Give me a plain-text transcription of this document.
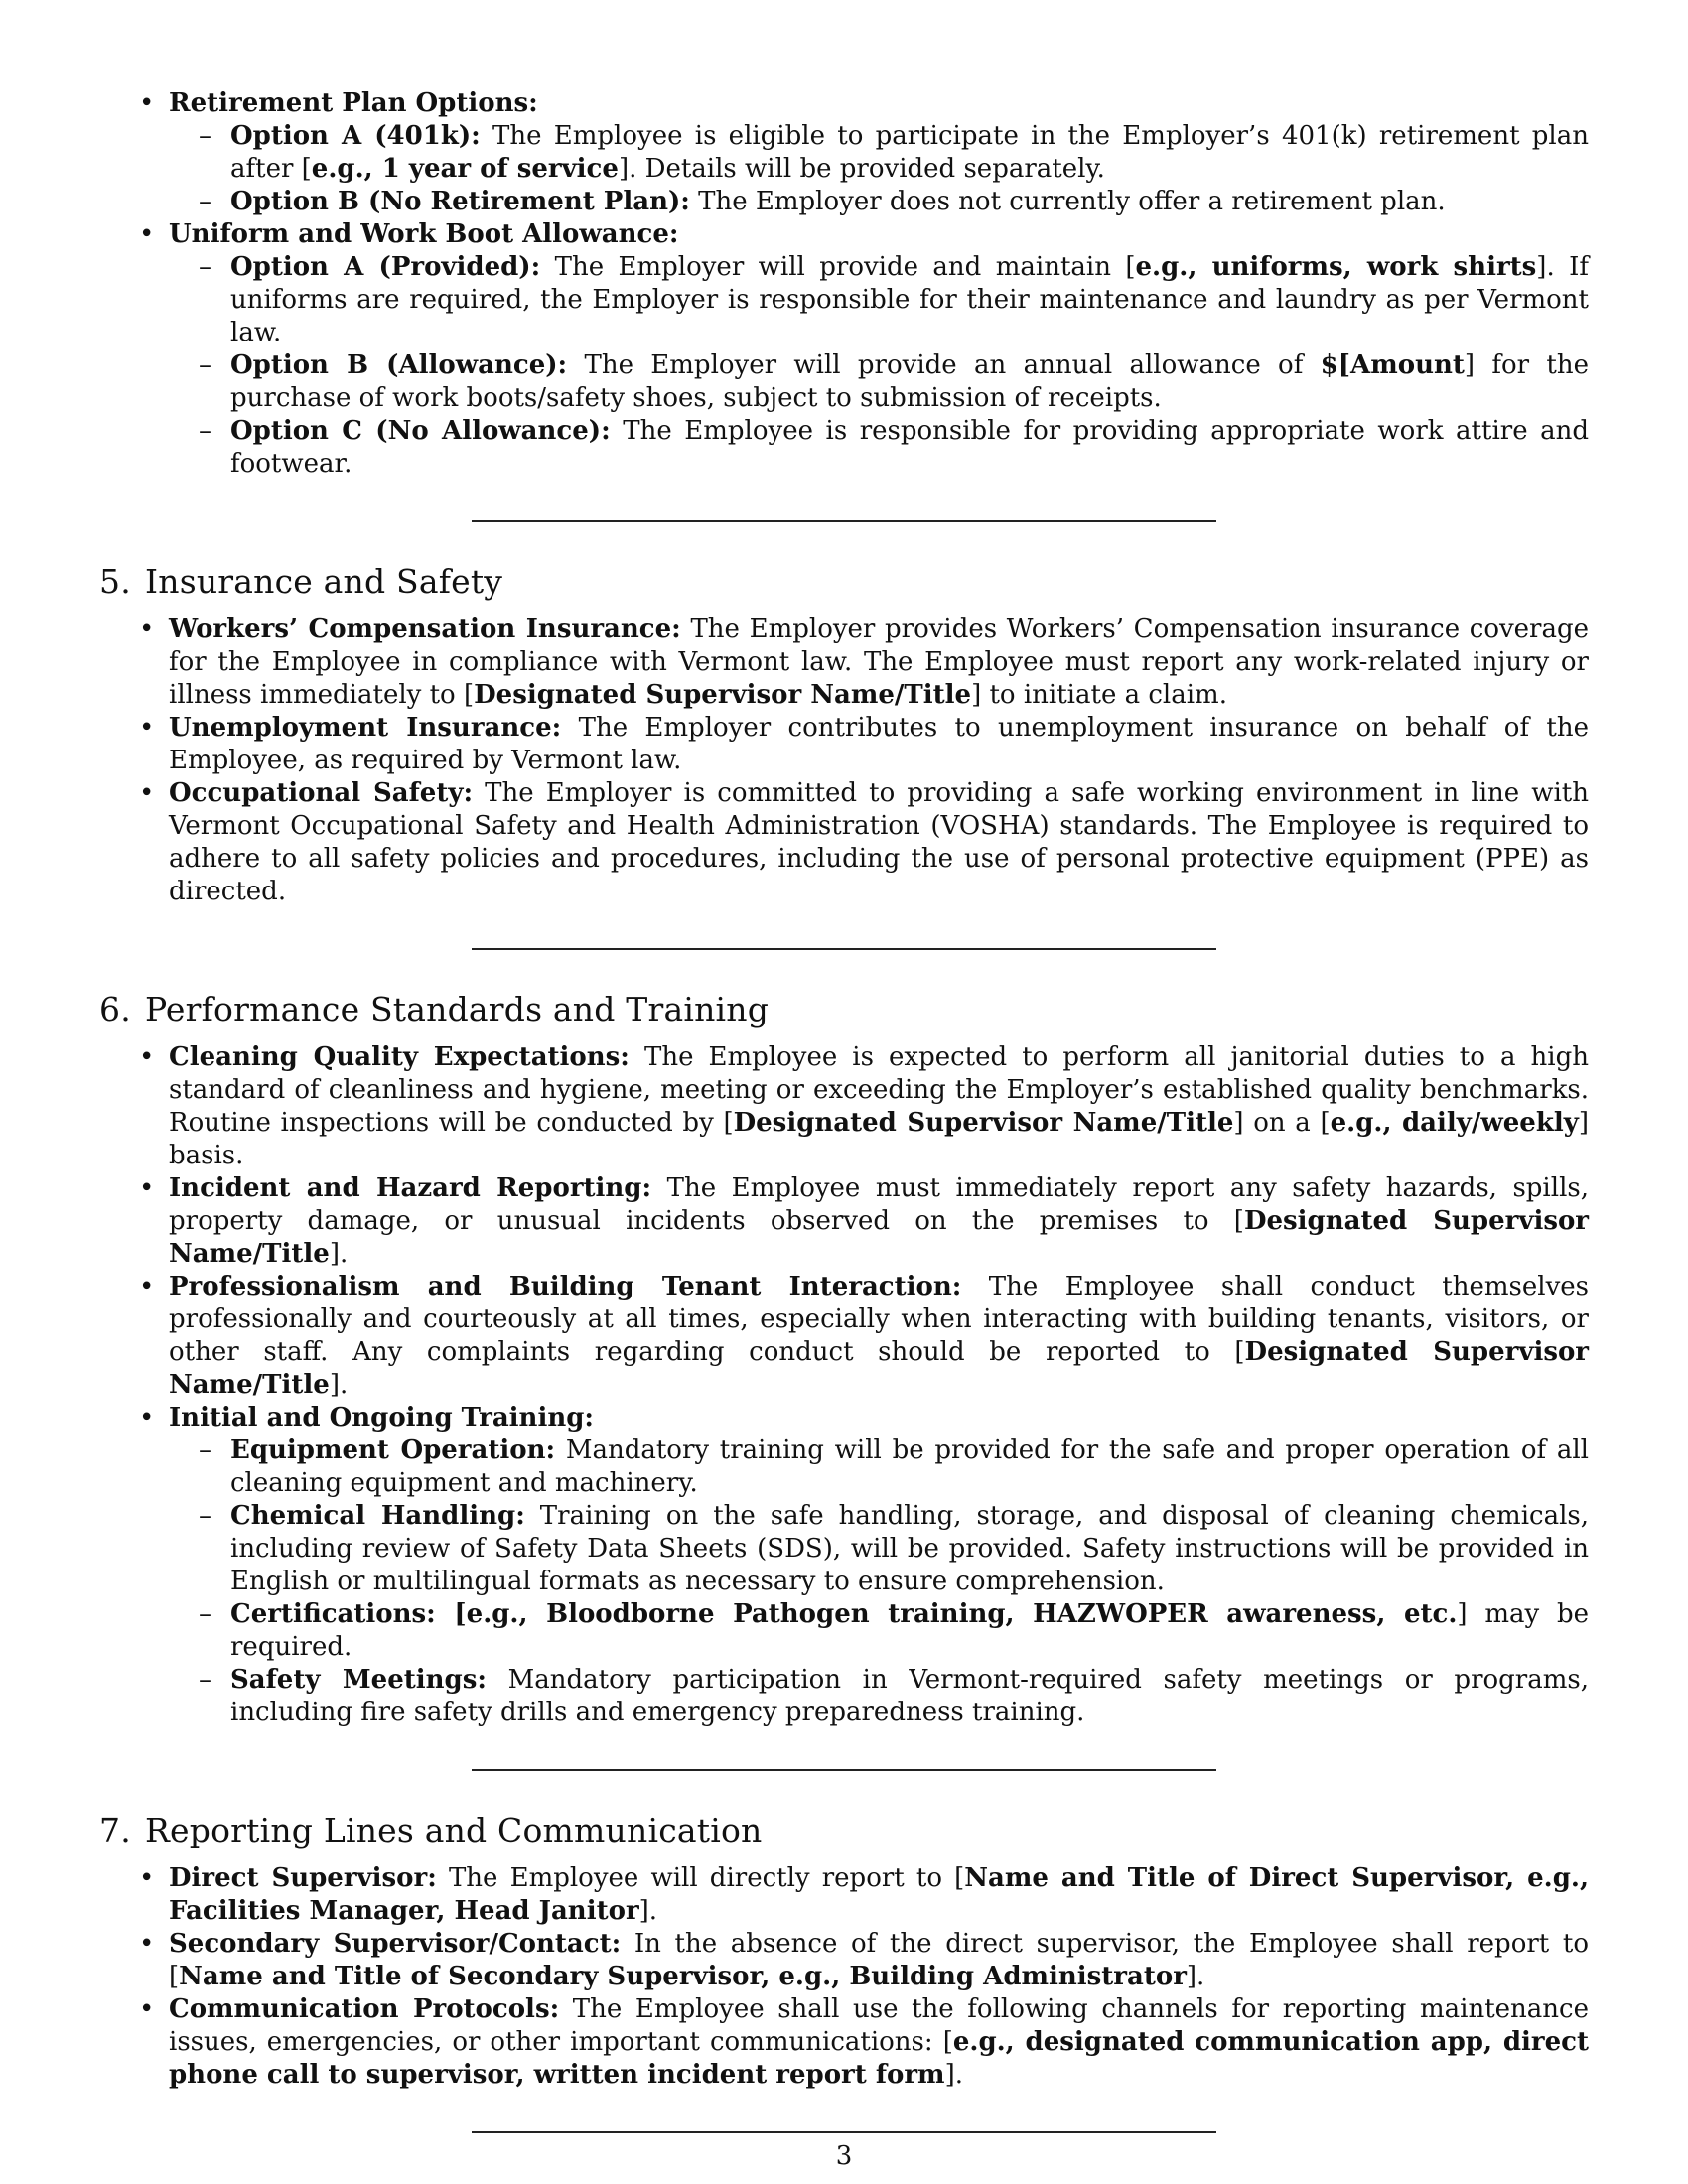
• Retirement Plan Options:
– Option A (401k): The Employee is eligible to participate in the Employer’s 401(k) retirement plan after [e.g., 1 year of service]. Details will be provided separately.
– Option B (No Retirement Plan): The Employer does not currently offer a retirement plan.
• Uniform and Work Boot Allowance:
– Option A (Provided): The Employer will provide and maintain [e.g., uniforms, work shirts]. If uniforms are required, the Employer is responsible for their maintenance and laundry as per Vermont law.
– Option B (Allowance): The Employer will provide an annual allowance of $[Amount] for the purchase of work boots/safety shoes, subject to submission of receipts.
– Option C (No Allowance): The Employee is responsible for providing appropriate work attire and footwear.
5. Insurance and Safety
• Workers’ Compensation Insurance: The Employer provides Workers’ Compensation insurance coverage for the Employee in compliance with Vermont law. The Employee must report any work-related injury or illness immediately to [Designated Supervisor Name/Title] to initiate a claim.
• Unemployment Insurance: The Employer contributes to unemployment insurance on behalf of the Employee, as required by Vermont law.
• Occupational Safety: The Employer is committed to providing a safe working environment in line with Vermont Occupational Safety and Health Administration (VOSHA) standards. The Employee is required to adhere to all safety policies and procedures, including the use of personal protective equipment (PPE) as directed.
6. Performance Standards and Training
• Cleaning Quality Expectations: The Employee is expected to perform all janitorial duties to a high standard of cleanliness and hygiene, meeting or exceeding the Employer’s established quality benchmarks. Routine inspections will be conducted by [Designated Supervisor Name/Title] on a [e.g., daily/weekly] basis.
• Incident and Hazard Reporting: The Employee must immediately report any safety hazards, spills, property damage, or unusual incidents observed on the premises to [Designated Supervisor Name/Title].
• Professionalism and Building Tenant Interaction: The Employee shall conduct themselves professionally and courteously at all times, especially when interacting with building tenants, visitors, or other staff. Any complaints regarding conduct should be reported to [Designated Supervisor Name/Title].
• Initial and Ongoing Training:
– Equipment Operation: Mandatory training will be provided for the safe and proper operation of all cleaning equipment and machinery.
– Chemical Handling: Training on the safe handling, storage, and disposal of cleaning chemicals, including review of Safety Data Sheets (SDS), will be provided. Safety instructions will be provided in English or multilingual formats as necessary to ensure comprehension.
– Certifications: [e.g., Bloodborne Pathogen training, HAZWOPER awareness, etc.] may be required.
– Safety Meetings: Mandatory participation in Vermont-required safety meetings or programs, including fire safety drills and emergency preparedness training.
7. Reporting Lines and Communication
• Direct Supervisor: The Employee will directly report to [Name and Title of Direct Supervisor, e.g., Facilities Manager, Head Janitor].
• Secondary Supervisor/Contact: In the absence of the direct supervisor, the Employee shall report to [Name and Title of Secondary Supervisor, e.g., Building Administrator].
• Communication Protocols: The Employee shall use the following channels for reporting maintenance issues, emergencies, or other important communications: [e.g., designated communication app, direct phone call to supervisor, written incident report form].
3
